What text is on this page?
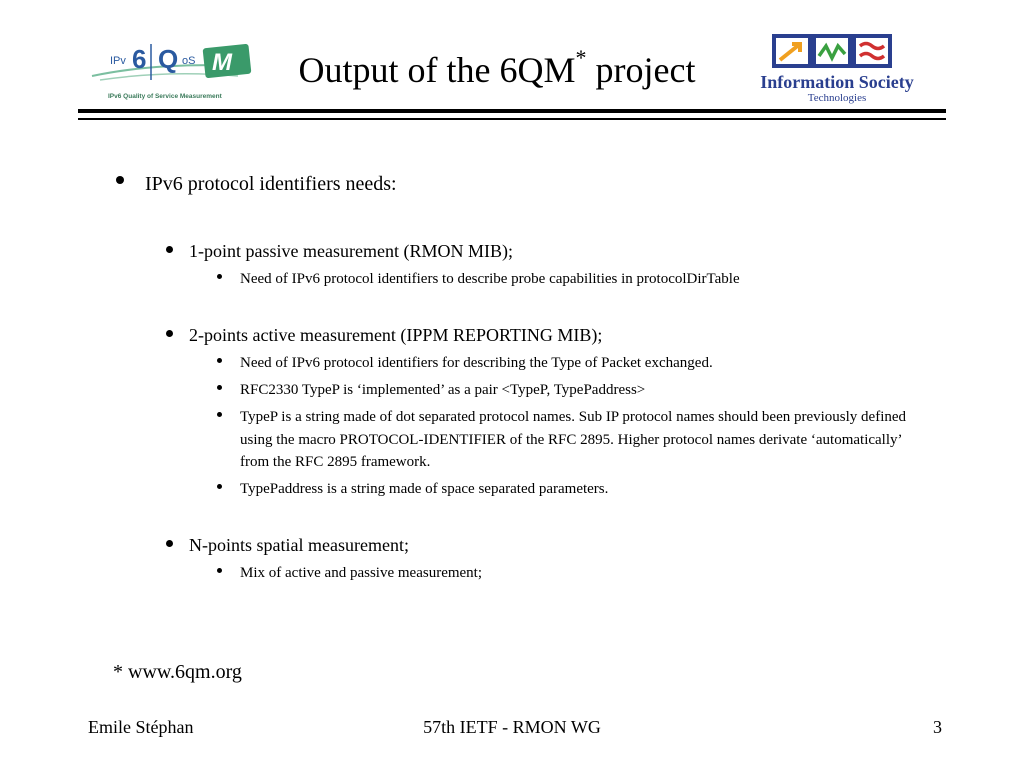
IPv 6 Q oS M
IPv6 Quality of Service Measurement
Output of the 6QM* project	Information Society
Technologies
IPv6 protocol identifiers needs:
1-point passive measurement (RMON MIB);
Need of IPv6 protocol identifiers to describe probe capabilities in protocolDirTable
2-points active measurement (IPPM REPORTING MIB);
Need of IPv6 protocol identifiers for describing the Type of Packet exchanged.
RFC2330 TypeP is ‘implemented’ as a pair <TypeP, TypePaddress>
TypeP is a string made of dot separated protocol names. Sub IP protocol names should been previously defined using the macro PROTOCOL-IDENTIFIER of the RFC 2895. Higher protocol names derivate ‘automatically’ from the RFC 2895 framework.
TypePaddress is a string made of space separated parameters.
N-points spatial measurement;
Mix of active and passive measurement;
* www.6qm.org
Emile Stéphan	57th IETF - RMON WG	3
